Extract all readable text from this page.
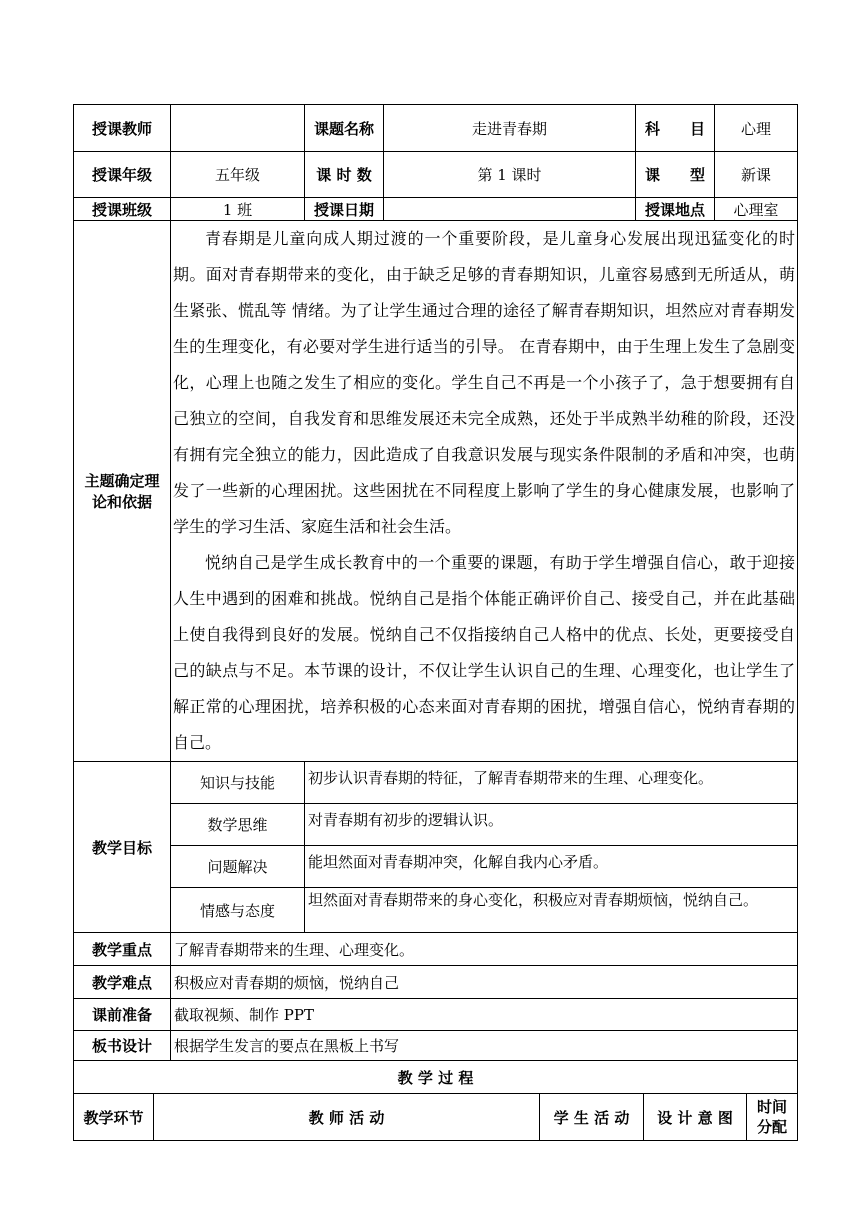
授课教师		课题名称	走进青春期	科　　目	心理
授课年级	五年级	课 时 数	第 1 课时	课　　型	新课
授课班级	1 班	授课日期		授课地点	心理室
主题确定理论和依据	青春期是儿童向成人期过渡的一个重要阶段，是儿童身心发展出现迅猛变化的时期。面对青春期带来的变化，由于缺乏足够的青春期知识，儿童容易感到无所适从，萌生紧张、慌乱等 情绪。为了让学生通过合理的途径了解青春期知识，坦然应对青春期发生的生理变化，有必要对学生进行适当的引导。 在青春期中，由于生理上发生了急剧变化，心理上也随之发生了相应的变化。学生自己不再是一个小孩子了，急于想要拥有自己独立的空间，自我发育和思维发展还未完全成熟，还处于半成熟半幼稚的阶段，还没有拥有完全独立的能力，因此造成了自我意识发展与现实条件限制的矛盾和冲突，也萌发了一些新的心理困扰。这些困扰在不同程度上影响了学生的身心健康发展，也影响了学生的学习生活、家庭生活和社会生活。

悦纳自己是学生成长教育中的一个重要的课题，有助于学生增强自信心，敢于迎接人生中遇到的困难和挑战。悦纳自己是指个体能正确评价自己、接受自己，并在此基础上使自我得到良好的发展。悦纳自己不仅指接纳自己人格中的优点、长处，更要接受自己的缺点与不足。本节课的设计，不仅让学生认识自己的生理、心理变化，也让学生了解正常的心理困扰，培养积极的心态来面对青春期的困扰，增强自信心，悦纳青春期的自己。	

教学目标	知识与技能	初步认识青春期的特征，了解青春期带来的生理、心理变化。
	数学思维	对青春期有初步的逻辑认识。
	问题解决	能坦然面对青春期冲突，化解自我内心矛盾。
	情感与态度	坦然面对青春期带来的身心变化，积极应对青春期烦恼，悦纳自己。
教学重点	了解青春期带来的生理、心理变化。	
教学难点	积极应对青春期的烦恼，悦纳自己	
课前准备	截取视频、制作 PPT	
板书设计	根据学生发言的要点在黑板上书写	
教 学 过 程
教学环节	教 师 活 动	学 生 活 动	设 计 意 图	时间分配
